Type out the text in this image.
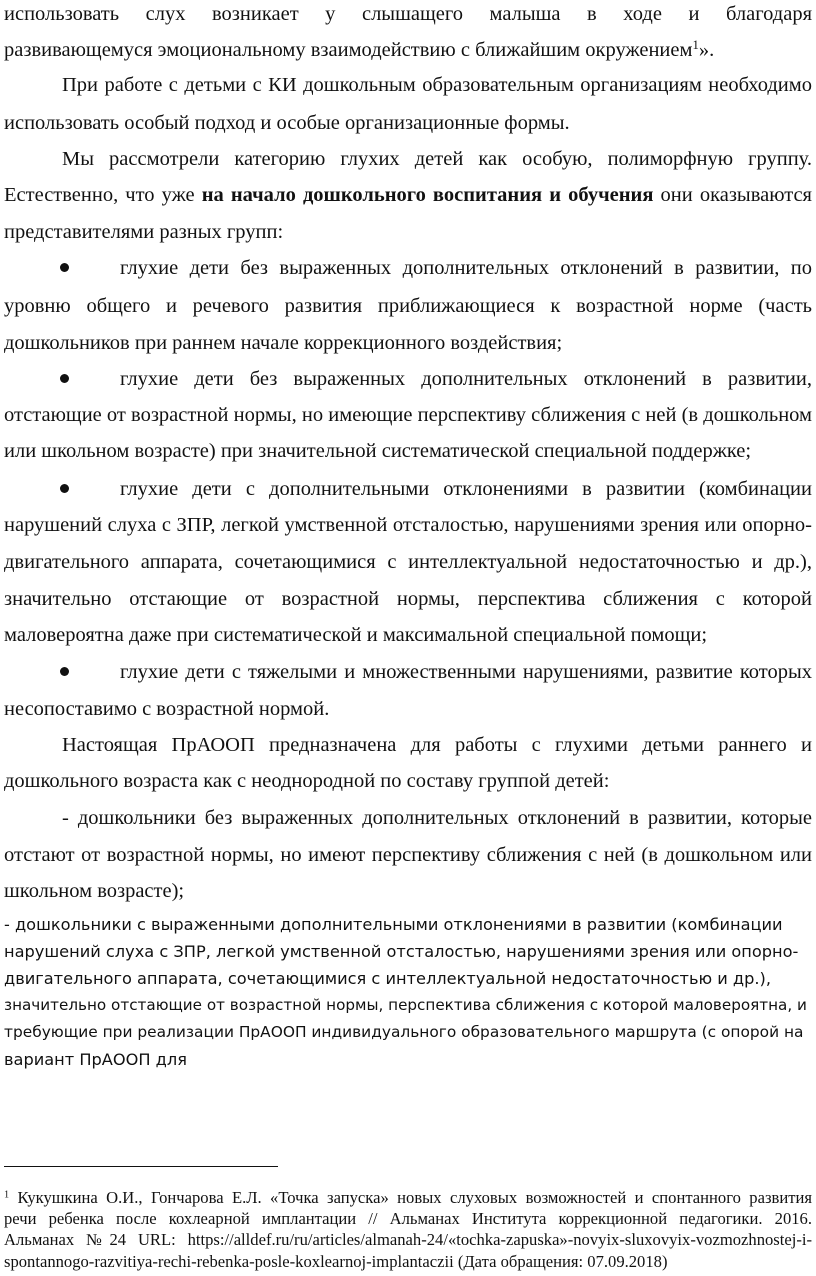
использовать слух возникает у слышащего малыша в ходе и благодаря
развивающемуся эмоциональному взаимодействию с ближайшим окружением$^1$».
При работе с детьми с КИ дошкольным образовательным организациям необходимо
использовать особый подход и особые организационные формы.
Мы рассмотрели категорию глухих детей как особую, полиморфную группу.
Естественно, что уже на начало дошкольного воспитания и обучения они оказываются
представителями разных групп:
глухие дети без выраженных дополнительных отклонений в развитии, по
уровню общего и речевого развития приближающиеся к возрастной норме (часть
дошкольников при раннем начале коррекционного воздействия;
глухие дети без выраженных дополнительных отклонений в развитии,
отстающие от возрастной нормы, но имеющие перспективу сближения с ней (в дошкольном
или школьном возрасте) при значительной систематической специальной поддержке;
глухие дети с дополнительными отклонениями в развитии (комбинации
нарушений слуха с ЗПР, легкой умственной отсталостью, нарушениями зрения или опорно-
двигательного аппарата, сочетающимися с интеллектуальной недостаточностью и др.),
значительно отстающие от возрастной нормы, перспектива сближения с которой
маловероятна даже при систематической и максимальной специальной помощи;
глухие дети с тяжелыми и множественными нарушениями, развитие которых
несопоставимо с возрастной нормой.
Настоящая ПрАООП предназначена для работы с глухими детьми раннего и
дошкольного возраста как с неоднородной по составу группой детей:
- дошкольники без выраженных дополнительных отклонений в развитии, которые
отстают от возрастной нормы, но имеют перспективу сближения с ней (в дошкольном или
школьном возрасте);
- дошкольники с выраженными дополнительными отклонениями в развитии (комбинации
нарушений слуха с ЗПР, легкой умственной отсталостью, нарушениями зрения или опорно-
двигательного аппарата, сочетающимися с интеллектуальной недостаточностью и др.),
значительно отстающие от возрастной нормы, перспектива сближения с которой маловероятна, и
требующие при реализации ПрАООП индивидуального образовательного маршрута (с опорой на
вариант ПрАООП для
$^1$ Кукушкина О.И., Гончарова Е.Л. «Точка запуска» новых слуховых возможностей и спонтанного развития
речи ребенка после кохлеарной имплантации // Альманах Института коррекционной педагогики. 2016.
Альманах №24 URL: https://alldef.ru/ru/articles/almanah-24/«tochka-zapuska»-novyix-sluxovyix-vozmozhnostej-i-
spontannogo-razvitiya-rechi-rebenka-posle-koxlearnoj-implantaczii (Дата обращения: 07.09.2018)
